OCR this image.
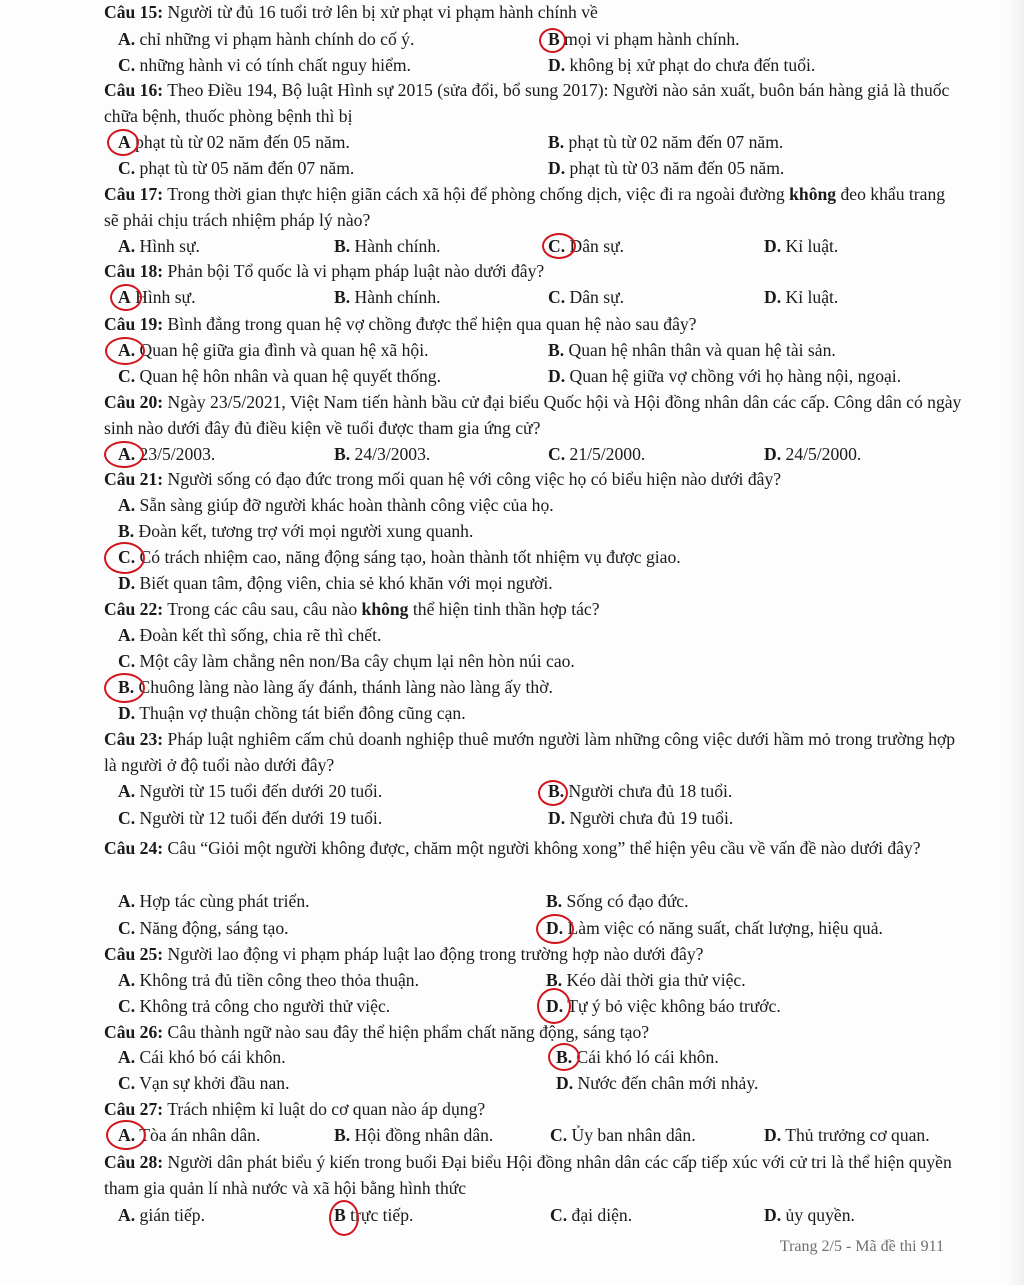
Câu 15: Người từ đủ 16 tuổi trở lên bị xử phạt vi phạm hành chính về
A. chỉ những vi phạm hành chính do cố ý.	B mọi vi phạm hành chính.
C. những hành vi có tính chất nguy hiểm.	D. không bị xử phạt do chưa đến tuổi.
Câu 16: Theo Điều 194, Bộ luật Hình sự 2015 (sửa đổi, bổ sung 2017): Người nào sản xuất, buôn bán hàng giả là thuốc chữa bệnh, thuốc phòng bệnh thì bị
A phạt tù từ 02 năm đến 05 năm.	B. phạt tù từ 02 năm đến 07 năm.
C. phạt tù từ 05 năm đến 07 năm.	D. phạt tù từ 03 năm đến 05 năm.
Câu 17: Trong thời gian thực hiện giãn cách xã hội để phòng chống dịch, việc đi ra ngoài đường không đeo khẩu trang sẽ phải chịu trách nhiệm pháp lý nào?
A. Hình sự.	B. Hành chính.	C. Dân sự.	D. Kỉ luật.
Câu 18: Phản bội Tổ quốc là vi phạm pháp luật nào dưới đây?
A Hình sự.	B. Hành chính.	C. Dân sự.	D. Kỉ luật.
Câu 19: Bình đẳng trong quan hệ vợ chồng được thể hiện qua quan hệ nào sau đây?
A. Quan hệ giữa gia đình và quan hệ xã hội.	B. Quan hệ nhân thân và quan hệ tài sản.
C. Quan hệ hôn nhân và quan hệ quyết thống.	D. Quan hệ giữa vợ chồng với họ hàng nội, ngoại.
Câu 20: Ngày 23/5/2021, Việt Nam tiến hành bầu cử đại biểu Quốc hội và Hội đồng nhân dân các cấp. Công dân có ngày sinh nào dưới đây đủ điều kiện về tuổi được tham gia ứng cử?
A. 23/5/2003.	B. 24/3/2003.	C. 21/5/2000.	D. 24/5/2000.
Câu 21: Người sống có đạo đức trong mối quan hệ với công việc họ có biểu hiện nào dưới đây?
A. Sẵn sàng giúp đỡ người khác hoàn thành công việc của họ.
B. Đoàn kết, tương trợ với mọi người xung quanh.
C. Có trách nhiệm cao, năng động sáng tạo, hoàn thành tốt nhiệm vụ được giao.
D. Biết quan tâm, động viên, chia sẻ khó khăn với mọi người.
Câu 22: Trong các câu sau, câu nào không thể hiện tinh thần hợp tác?
A. Đoàn kết thì sống, chia rẽ thì chết.
C. Một cây làm chẳng nên non/Ba cây chụm lại nên hòn núi cao.
B. Chuông làng nào làng ấy đánh, thánh làng nào làng ấy thờ.
D. Thuận vợ thuận chồng tát biển đông cũng cạn.
Câu 23: Pháp luật nghiêm cấm chủ doanh nghiệp thuê mướn người làm những công việc dưới hầm mỏ trong trường hợp là người ở độ tuổi nào dưới đây?
A. Người từ 15 tuổi đến dưới 20 tuổi.	B. Người chưa đủ 18 tuổi.
C. Người từ 12 tuổi đến dưới 19 tuổi.	D. Người chưa đủ 19 tuổi.
Câu 24: Câu “Giỏi một người không được, chăm một người không xong” thể hiện yêu cầu về vấn đề nào dưới đây?
A. Hợp tác cùng phát triển.	B. Sống có đạo đức.
C. Năng động, sáng tạo.	D. Làm việc có năng suất, chất lượng, hiệu quả.
Câu 25: Người lao động vi phạm pháp luật lao động trong trường hợp nào dưới đây?
A. Không trả đủ tiền công theo thỏa thuận.	B. Kéo dài thời gia thử việc.
C. Không trả công cho người thử việc.	D. Tự ý bỏ việc không báo trước.
Câu 26: Câu thành ngữ nào sau đây thể hiện phẩm chất năng động, sáng tạo?
A. Cái khó bó cái khôn.	B. Cái khó ló cái khôn.
C. Vạn sự khởi đầu nan.	D. Nước đến chân mới nhảy.
Câu 27: Trách nhiệm kỉ luật do cơ quan nào áp dụng?
A. Tòa án nhân dân.	B. Hội đồng nhân dân.	C. Ủy ban nhân dân.	D. Thủ trưởng cơ quan.
Câu 28: Người dân phát biểu ý kiến trong buổi Đại biểu Hội đồng nhân dân các cấp tiếp xúc với cử tri là thể hiện quyền tham gia quản lí nhà nước và xã hội bằng hình thức
A. gián tiếp.	B trực tiếp.	C. đại diện.	D. ủy quyền.
Trang 2/5 - Mã đề thi 911
